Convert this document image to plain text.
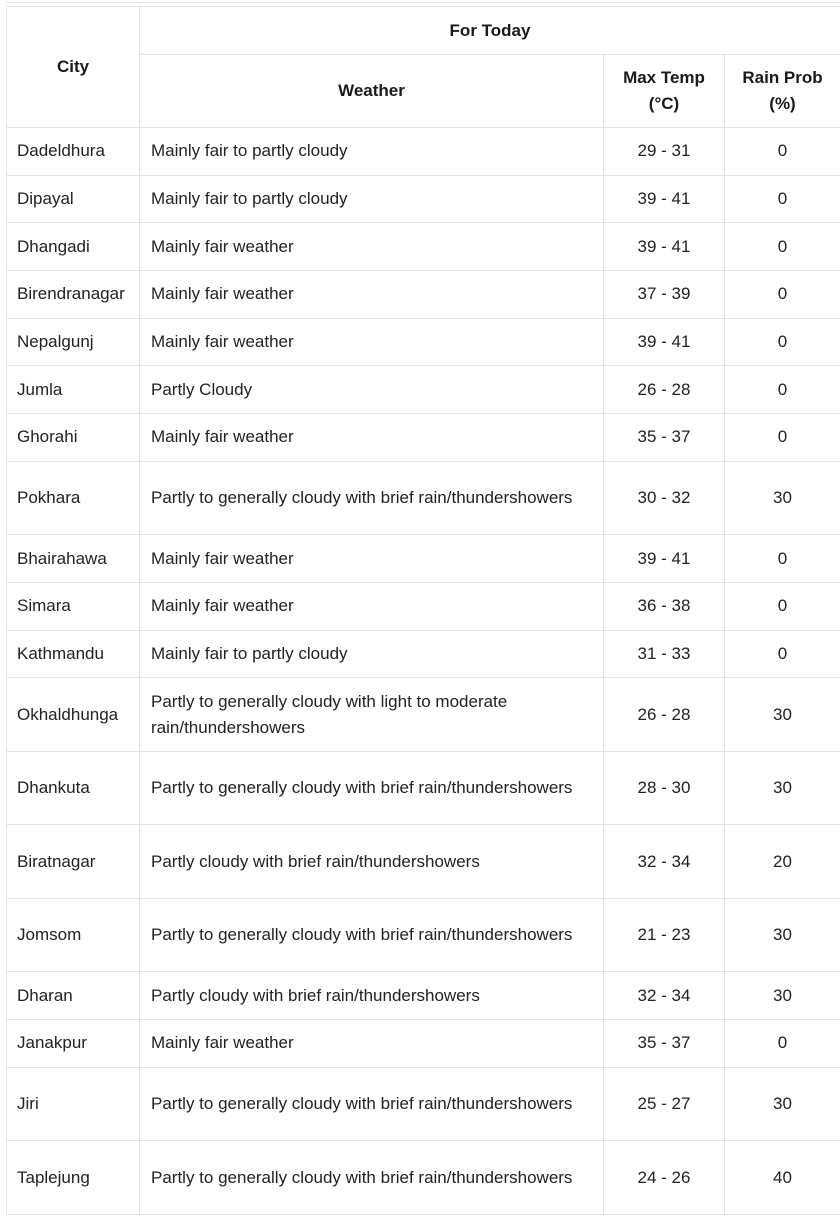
City	For Today		
	Weather	Max Temp (°C)	Rain Prob (%)
Dadeldhura	Mainly fair to partly cloudy	29 - 31	0
Dipayal	Mainly fair to partly cloudy	39 - 41	0
Dhangadi	Mainly fair weather	39 - 41	0
Birendranagar	Mainly fair weather	37 - 39	0
Nepalgunj	Mainly fair weather	39 - 41	0
Jumla	Partly Cloudy	26 - 28	0
Ghorahi	Mainly fair weather	35 - 37	0
Pokhara	Partly to generally cloudy with brief rain/thundershowers	30 - 32	30
Bhairahawa	Mainly fair weather	39 - 41	0
Simara	Mainly fair weather	36 - 38	0
Kathmandu	Mainly fair to partly cloudy	31 - 33	0
Okhaldhunga	Partly to generally cloudy with light to moderate rain/thundershowers	26 - 28	30
Dhankuta	Partly to generally cloudy with brief rain/thundershowers	28 - 30	30
Biratnagar	Partly cloudy with brief rain/thundershowers	32 - 34	20
Jomsom	Partly to generally cloudy with brief rain/thundershowers	21 - 23	30
Dharan	Partly cloudy with brief rain/thundershowers	32 - 34	30
Janakpur	Mainly fair weather	35 - 37	0
Jiri	Partly to generally cloudy with brief rain/thundershowers	25 - 27	30
Taplejung	Partly to generally cloudy with brief rain/thundershowers	24 - 26	40
